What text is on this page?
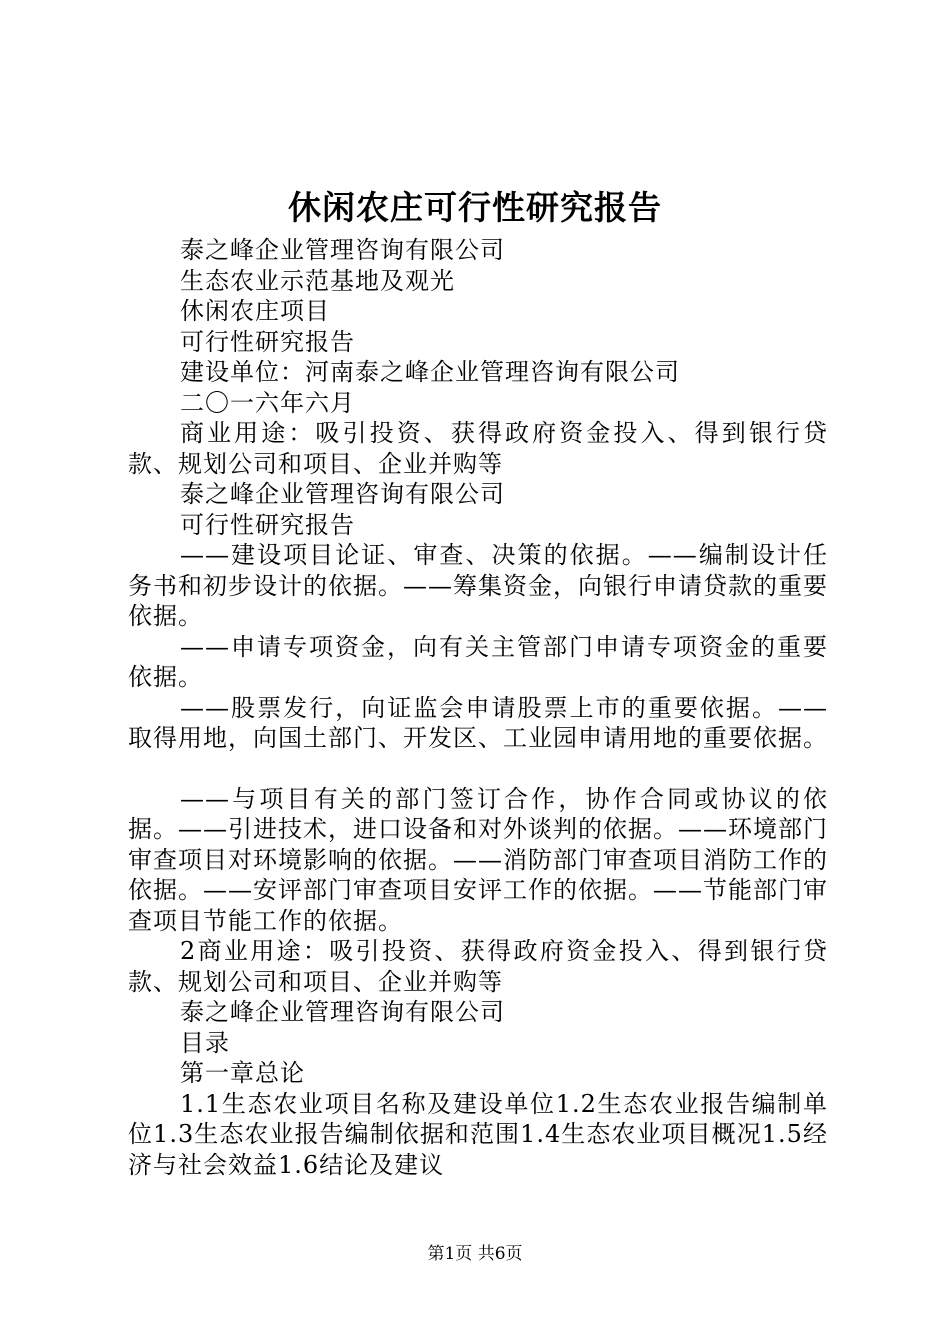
休闲农庄可行性研究报告

泰之峰企业管理咨询有限公司

生态农业示范基地及观光

休闲农庄项目

可行性研究报告

建设单位：河南泰之峰企业管理咨询有限公司

二〇一六年六月

商业用途：吸引投资、获得政府资金投入、得到银行贷款、规划公司和项目、企业并购等

泰之峰企业管理咨询有限公司

可行性研究报告

——建设项目论证、审查、决策的依据。——编制设计任务书和初步设计的依据。——筹集资金，向银行申请贷款的重要依据。

——申请专项资金，向有关主管部门申请专项资金的重要依据。

——股票发行，向证监会申请股票上市的重要依据。——取得用地，向国土部门、开发区、工业园申请用地的重要依据。

——与项目有关的部门签订合作，协作合同或协议的依据。——引进技术，进口设备和对外谈判的依据。——环境部门审查项目对环境影响的依据。——消防部门审查项目消防工作的依据。——安评部门审查项目安评工作的依据。——节能部门审查项目节能工作的依据。

2商业用途：吸引投资、获得政府资金投入、得到银行贷款、规划公司和项目、企业并购等

泰之峰企业管理咨询有限公司

目录

第一章总论

1.1生态农业项目名称及建设单位1.2生态农业报告编制单位1.3生态农业报告编制依据和范围1.4生态农业项目概况1.5经济与社会效益1.6结论及建议

第1页 共6页
